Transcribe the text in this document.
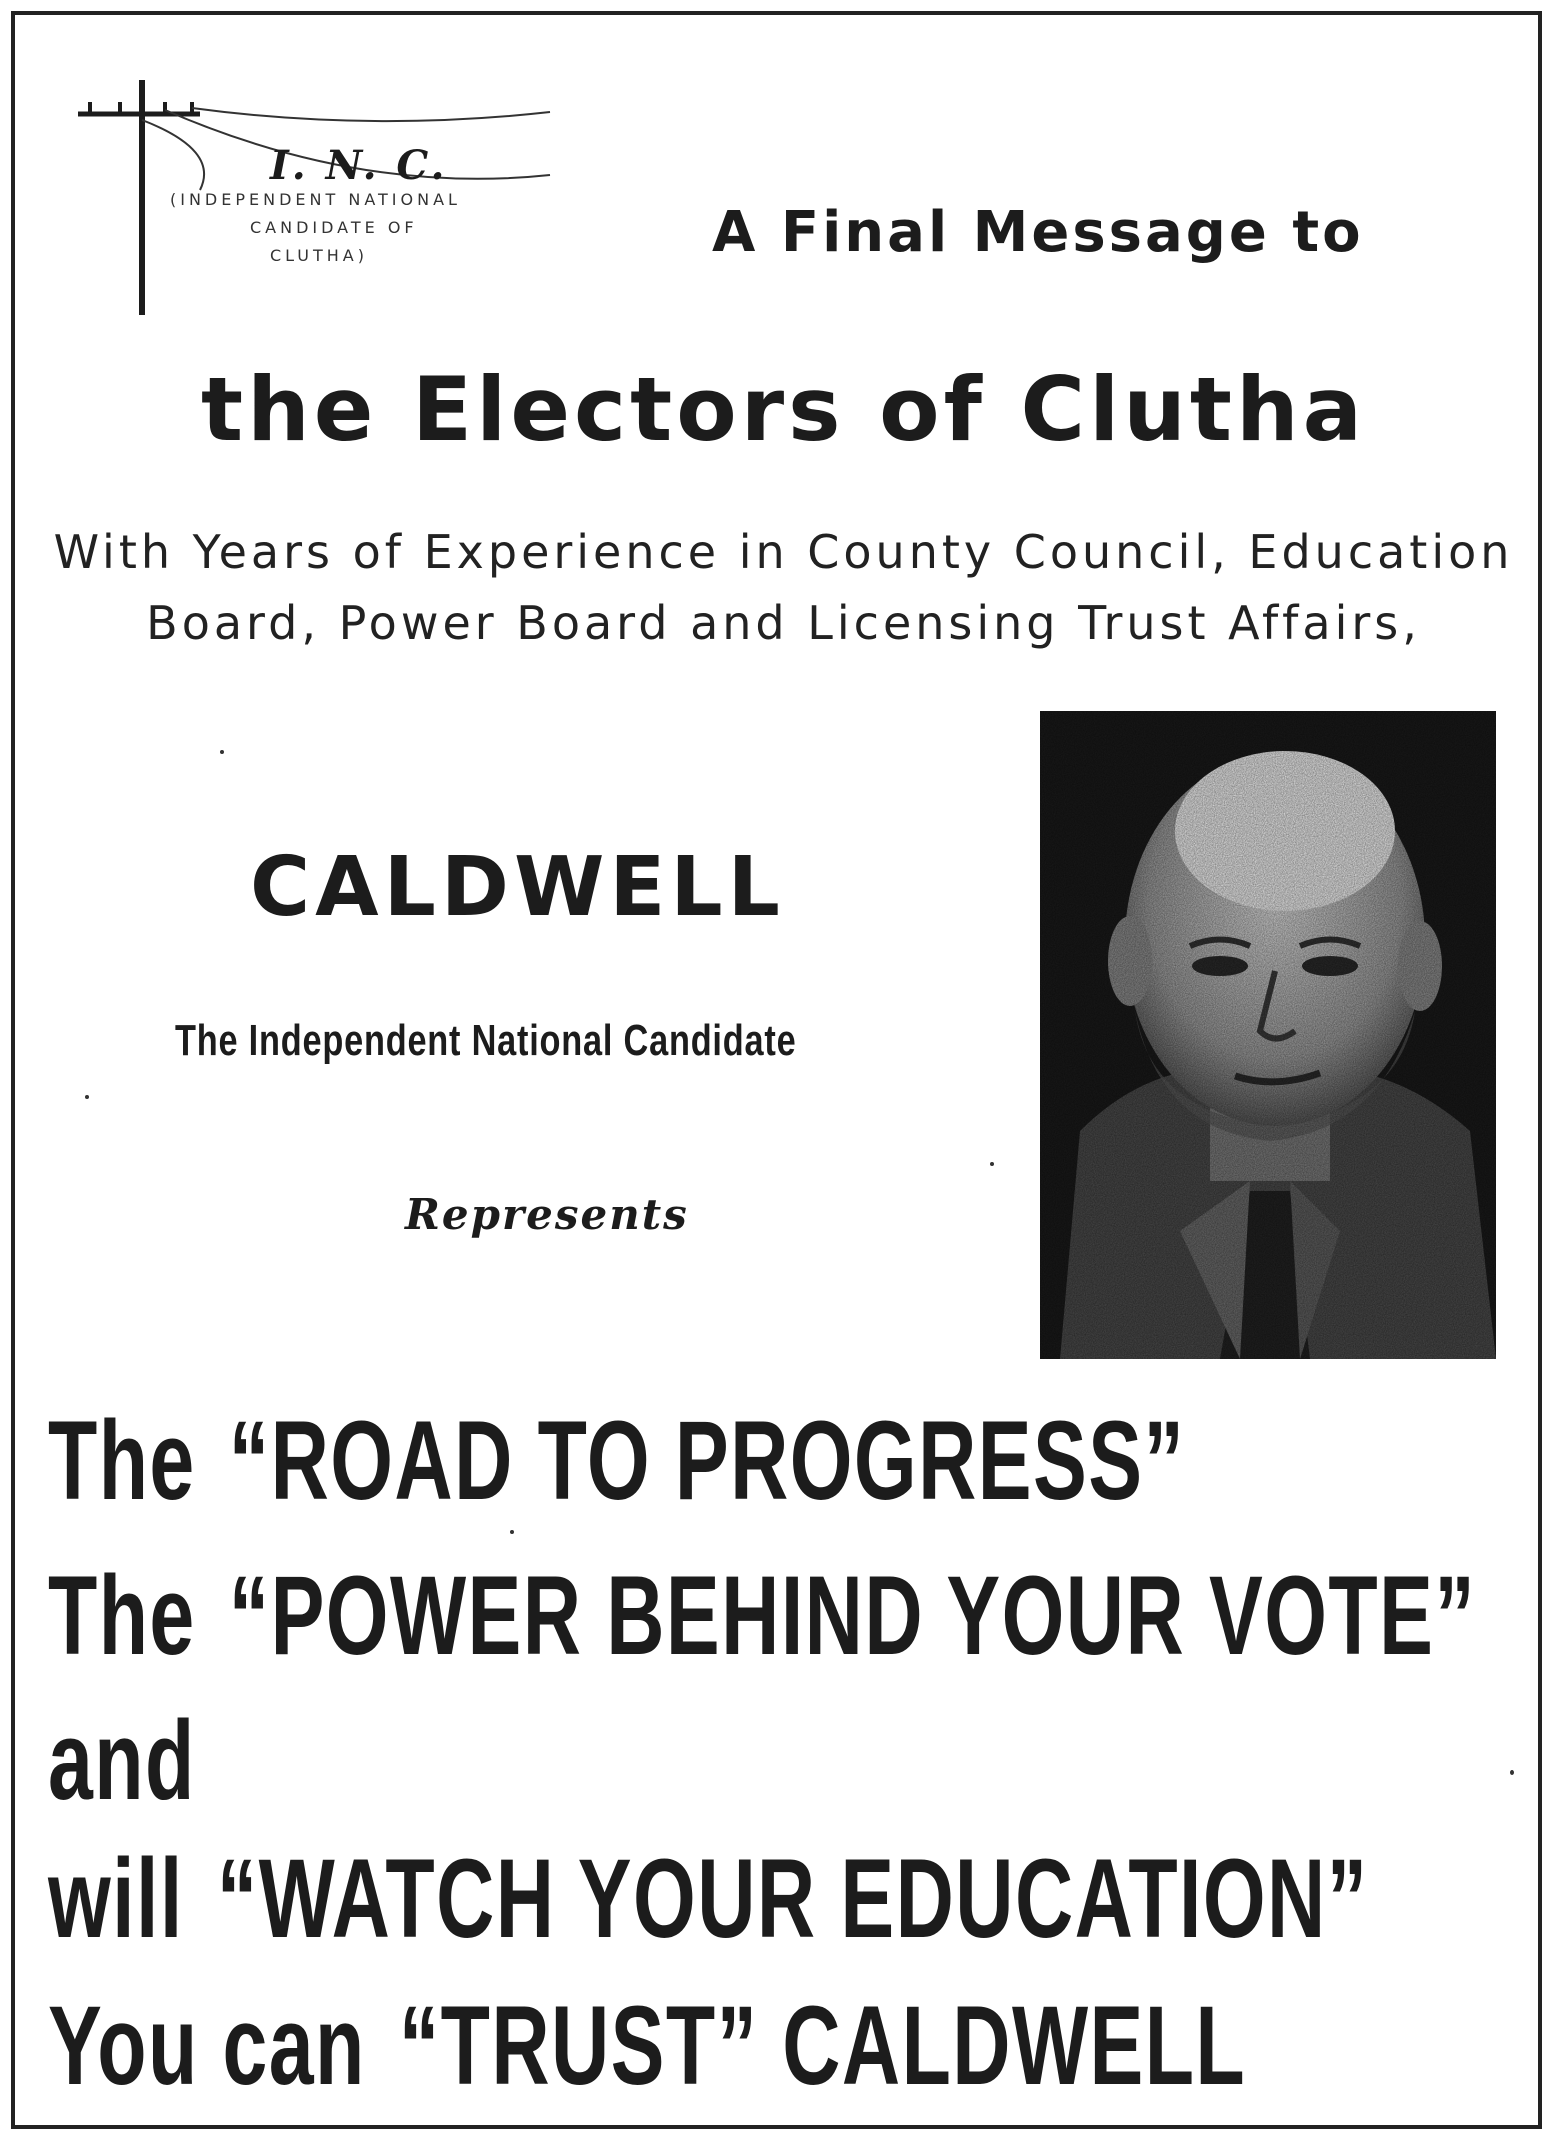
I. N. C.
(INDEPENDENT NATIONAL
CANDIDATE OF
CLUTHA)	A Final Message to
the Electors of Clutha
With Years of Experience in County Council, Education
Board, Power Board and Licensing Trust Affairs,
CALDWELL
The Independent National Candidate
Represents
The “ROAD TO PROGRESS”
The “POWER BEHIND YOUR VOTE”
and
will “WATCH YOUR EDUCATION”
You can “TRUST” CALDWELL
